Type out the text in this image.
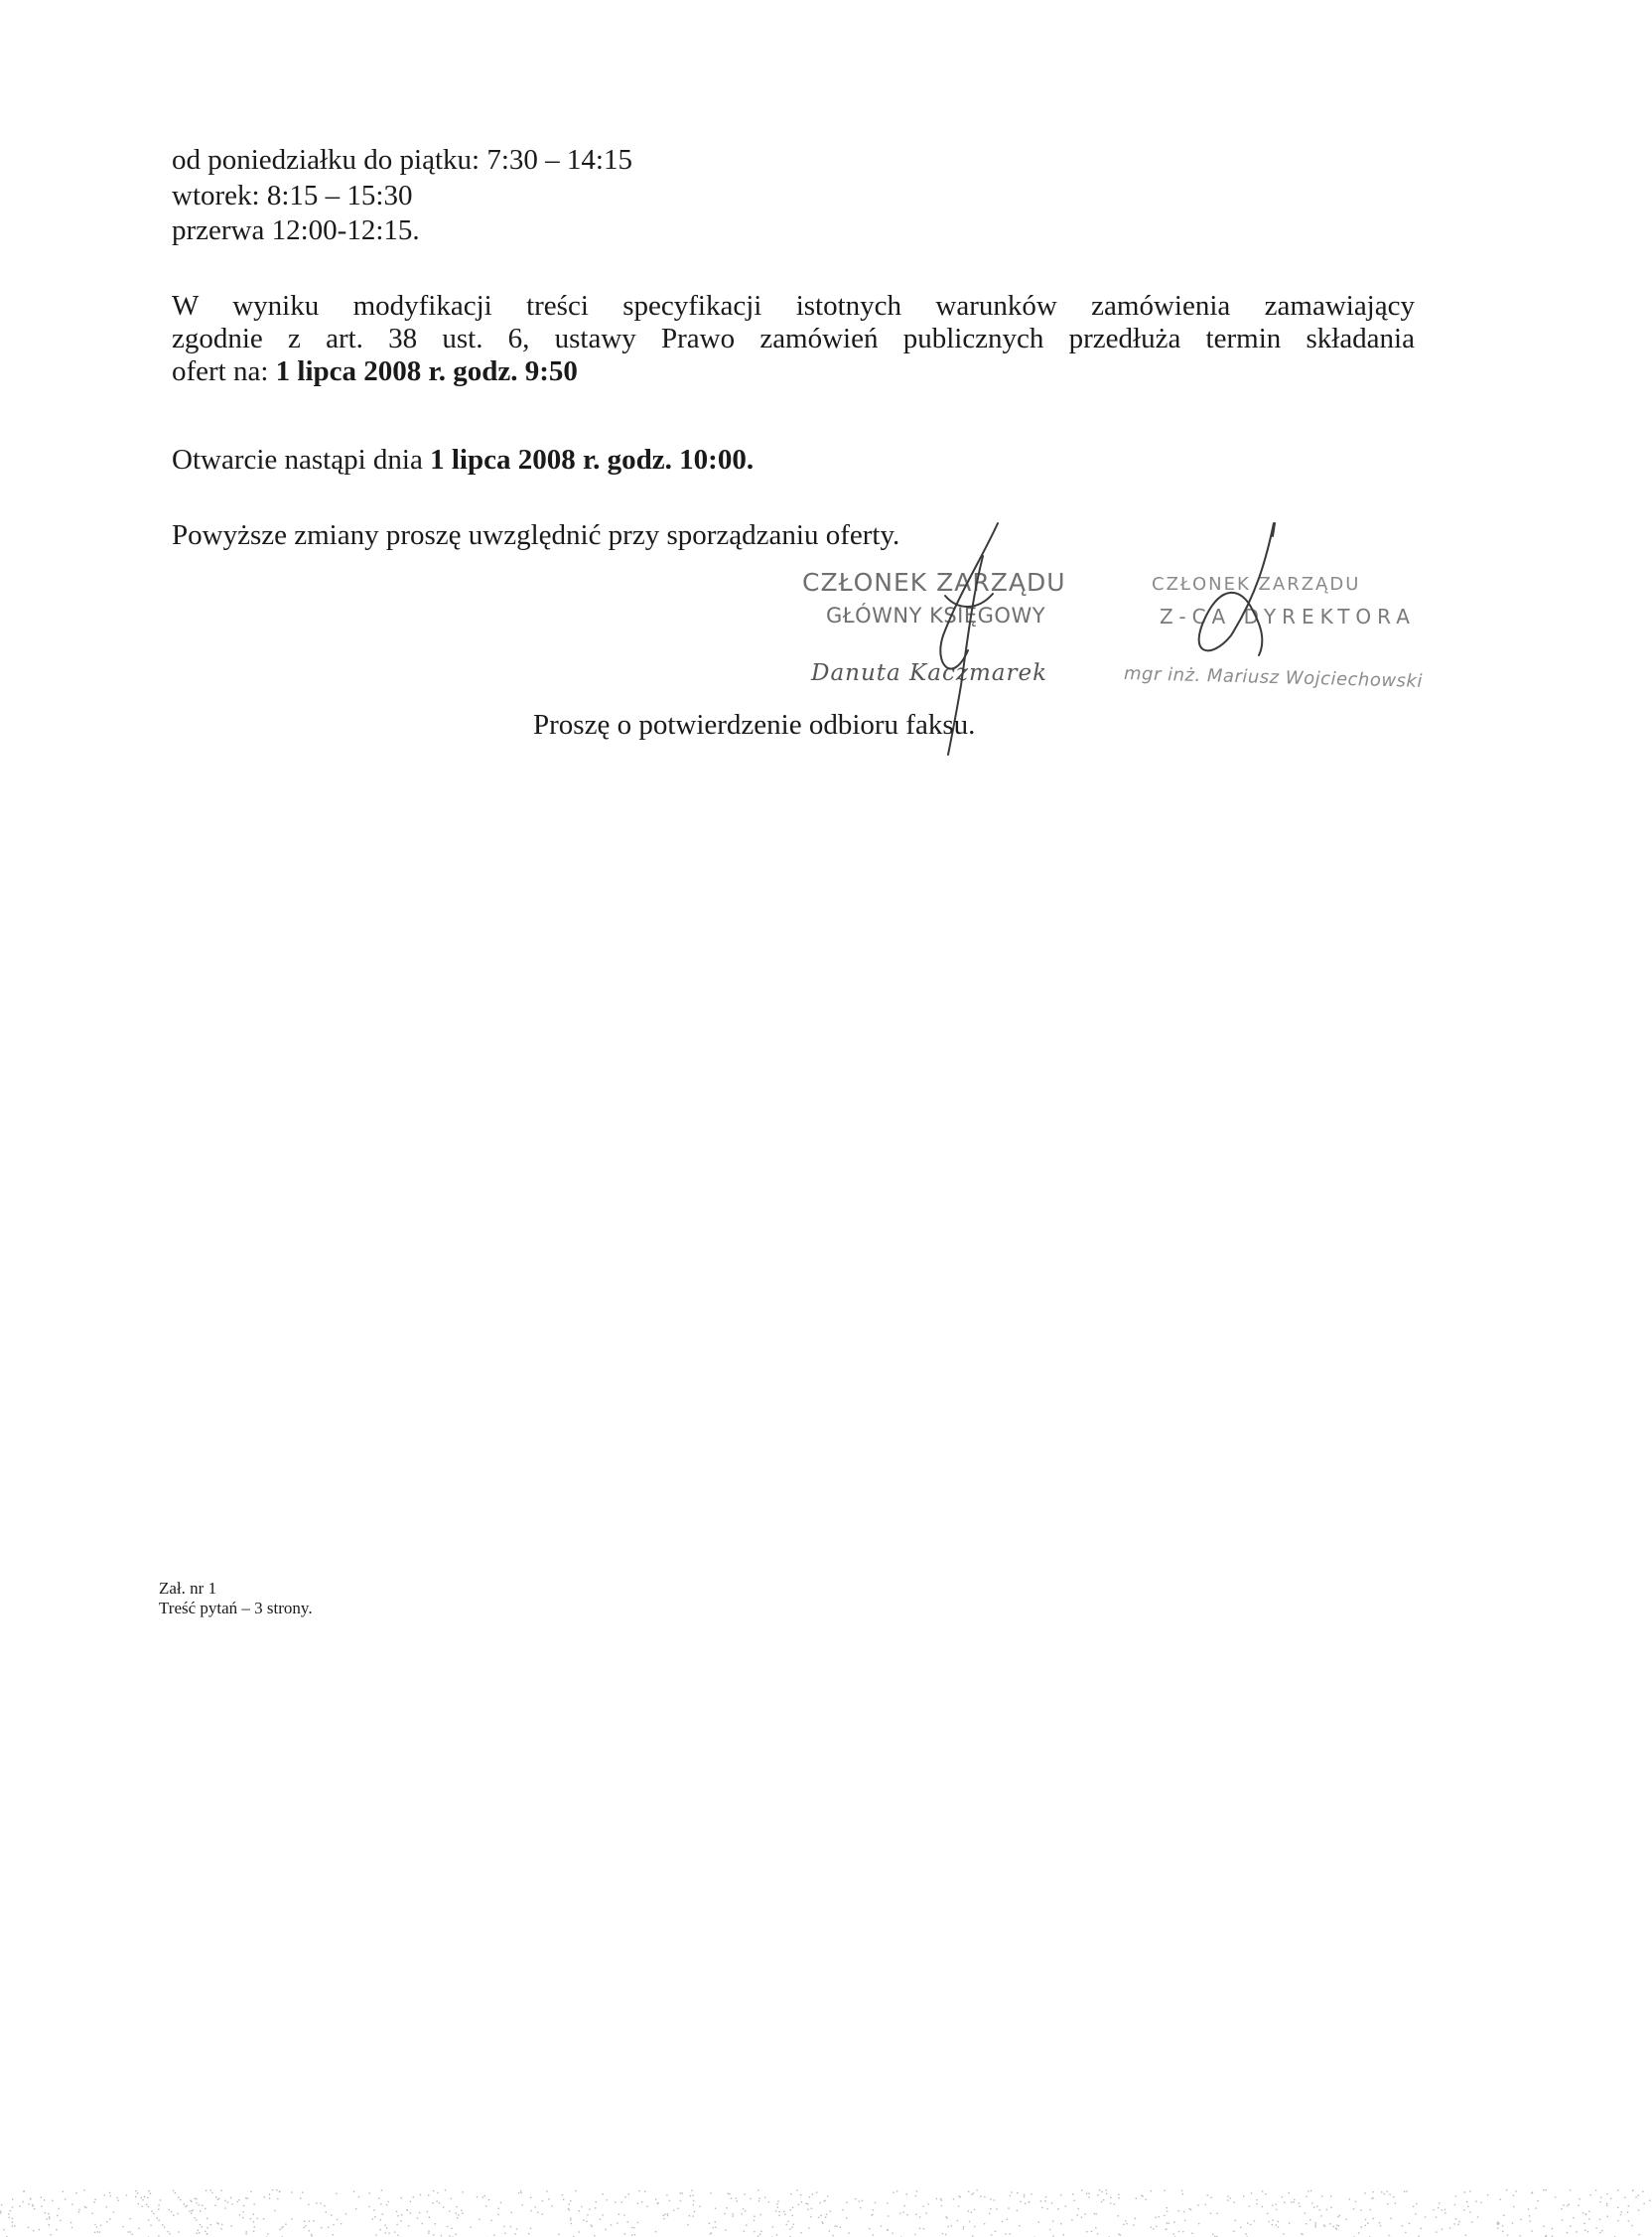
od poniedziałku do piątku: 7:30 – 14:15
wtorek: 8:15 – 15:30
przerwa 12:00-12:15.
W wyniku modyfikacji treści specyfikacji istotnych warunków zamówienia zamawiający
zgodnie z art. 38 ust. 6, ustawy Prawo zamówień publicznych przedłuża termin składania
ofert na: 1 lipca 2008 r. godz. 9:50
Otwarcie nastąpi dnia 1 lipca 2008 r. godz. 10:00.
Powyższe zmiany proszę uwzględnić przy sporządzaniu oferty.
CZŁONEK ZARZĄDU
GŁÓWNY KSIĘGOWY
Danuta Kaczmarek
CZŁONEK ZARZĄDU
Z-CA DYREKTORA
mgr inż. Mariusz Wojciechowski
Proszę o potwierdzenie odbioru faksu.
Zał. nr 1
Treść pytań – 3 strony.
